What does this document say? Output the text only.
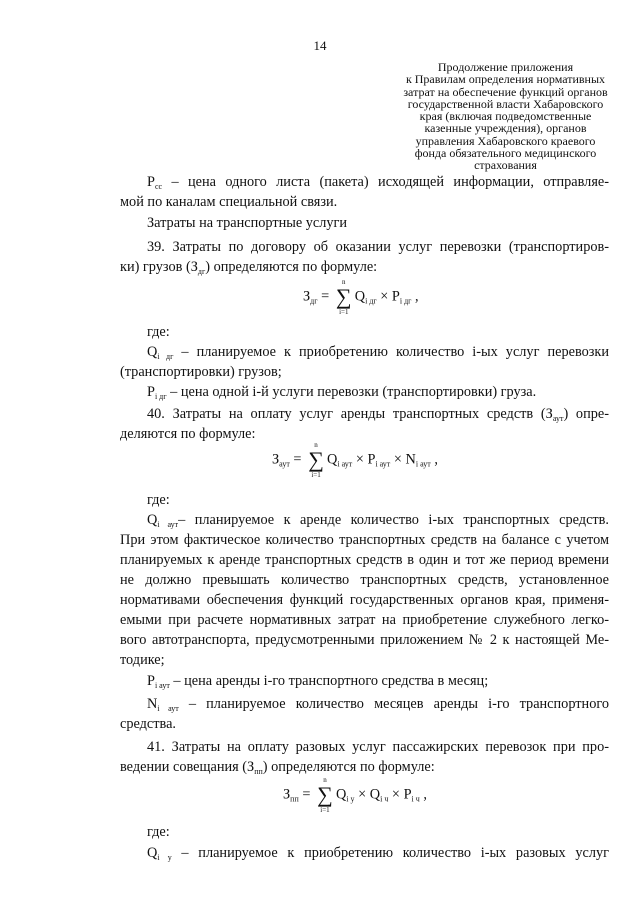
14
Продолжение приложения
к Правилам определения нормативных
затрат на обеспечение функций органов
государственной власти Хабаровского
края (включая подведомственные
казенные учреждения), органов
управления Хабаровского краевого
фонда обязательного медицинского
страхования
$P_{сс}$ – цена одного листа (пакета) исходящей информации, отправляе-
мой по каналам специальной связи.
Затраты на транспортные услуги
39. Затраты по договору об оказании услуг перевозки (транспортиров-
ки) грузов $(З_{дг})$ определяются по формуле:
$З_{дг}$ =
n
∑
i=1
$Q_{i дг} \times P_{i дг}$ ,
где:
$Q_{i дг}$ – планируемое к приобретению количество i-ых услуг перевозки
(транспортировки) грузов;
$P_{i дг}$ – цена одной i-й услуги перевозки (транспортировки) груза.
40. Затраты на оплату услуг аренды транспортных средств $(З_{аут})$ опре-
деляются по формуле:
$З_{аут}$ =
n
∑
i=1
$Q_{i аут} \times P_{i аут} \times N_{i аут}$ ,
где:
$Q_{i аут}-$ планируемое к аренде количество i-ых транспортных средств.
При этом фактическое количество транспортных средств на балансе с учетом
планируемых к аренде транспортных средств в один и тот же период времени
не должно превышать количество транспортных средств, установленное
нормативами обеспечения функций государственных органов края, применя-
емыми при расчете нормативных затрат на приобретение служебного легко-
вого автотранспорта, предусмотренными приложением № 2 к настоящей Ме-
тодике;
$P_{i аут}$ – цена аренды i-го транспортного средства в месяц;
$N_{i аут}$ – планируемое количество месяцев аренды i-го транспортного
средства.
41. Затраты на оплату разовых услуг пассажирских перевозок при про-
ведении совещания $(З_{пп})$ определяются по формуле:
$З_{пп}$ =
n
∑
i=1
$Q_{i у} \times Q_{i ч} \times P_{i ч}$ ,
где:
$Q_{i у}$ – планируемое к приобретению количество i-ых разовых услуг
